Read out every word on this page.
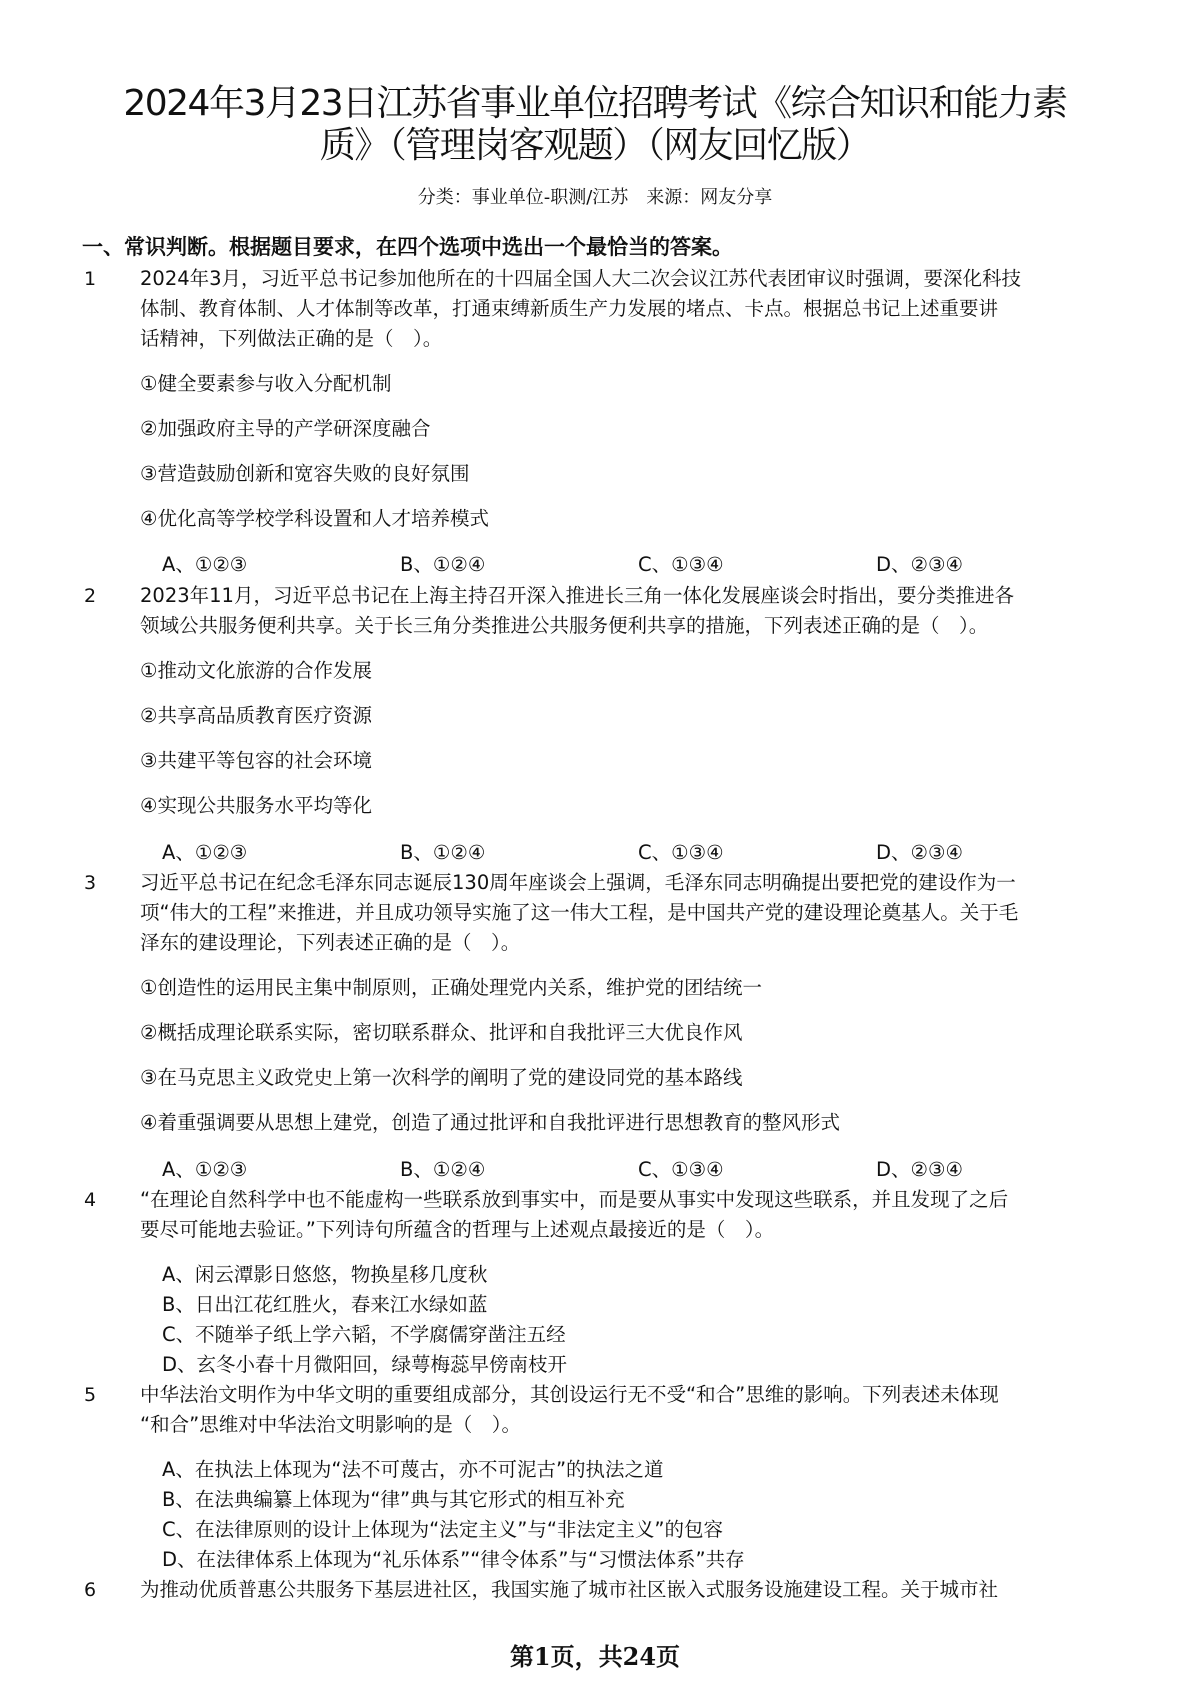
2024年3月23日江苏省事业单位招聘考试《综合知识和能力素
质》（管理岗客观题）（网友回忆版）
分类：事业单位-职测/江苏　来源：网友分享
一、常识判断。根据题目要求，在四个选项中选出一个最恰当的答案。
1 2024年3月，习近平总书记参加他所在的十四届全国人大二次会议江苏代表团审议时强调，要深化科技
体制、教育体制、人才体制等改革，打通束缚新质生产力发展的堵点、卡点。根据总书记上述重要讲
话精神，下列做法正确的是（　）。
①健全要素参与收入分配机制
②加强政府主导的产学研深度融合
③营造鼓励创新和宽容失败的良好氛围
④优化高等学校学科设置和人才培养模式
A、①②③	B、①②④	C、①③④	D、②③④
2 2023年11月，习近平总书记在上海主持召开深入推进长三角一体化发展座谈会时指出，要分类推进各
领域公共服务便利共享。关于长三角分类推进公共服务便利共享的措施，下列表述正确的是（　）。
①推动文化旅游的合作发展
②共享高品质教育医疗资源
③共建平等包容的社会环境
④实现公共服务水平均等化
A、①②③	B、①②④	C、①③④	D、②③④
3 习近平总书记在纪念毛泽东同志诞辰130周年座谈会上强调，毛泽东同志明确提出要把党的建设作为一
项“伟大的工程”来推进，并且成功领导实施了这一伟大工程，是中国共产党的建设理论奠基人。关于毛
泽东的建设理论，下列表述正确的是（　）。
①创造性的运用民主集中制原则，正确处理党内关系，维护党的团结统一
②概括成理论联系实际，密切联系群众、批评和自我批评三大优良作风
③在马克思主义政党史上第一次科学的阐明了党的建设同党的基本路线
④着重强调要从思想上建党，创造了通过批评和自我批评进行思想教育的整风形式
A、①②③	B、①②④	C、①③④	D、②③④
4 “在理论自然科学中也不能虚构一些联系放到事实中，而是要从事实中发现这些联系，并且发现了之后
要尽可能地去验证。”下列诗句所蕴含的哲理与上述观点最接近的是（　）。
A、闲云潭影日悠悠，物换星移几度秋
B、日出江花红胜火，春来江水绿如蓝
C、不随举子纸上学六韬，不学腐儒穿凿注五经
D、玄冬小春十月微阳回，绿萼梅蕊早傍南枝开
5 中华法治文明作为中华文明的重要组成部分，其创设运行无不受“和合”思维的影响。下列表述未体现
“和合”思维对中华法治文明影响的是（　）。
A、在执法上体现为“法不可蔑古，亦不可泥古”的执法之道
B、在法典编纂上体现为“律”典与其它形式的相互补充
C、在法律原则的设计上体现为“法定主义”与“非法定主义”的包容
D、在法律体系上体现为“礼乐体系”“律令体系”与“习惯法体系”共存
6 为推动优质普惠公共服务下基层进社区，我国实施了城市社区嵌入式服务设施建设工程。关于城市社
第1页，共24页
